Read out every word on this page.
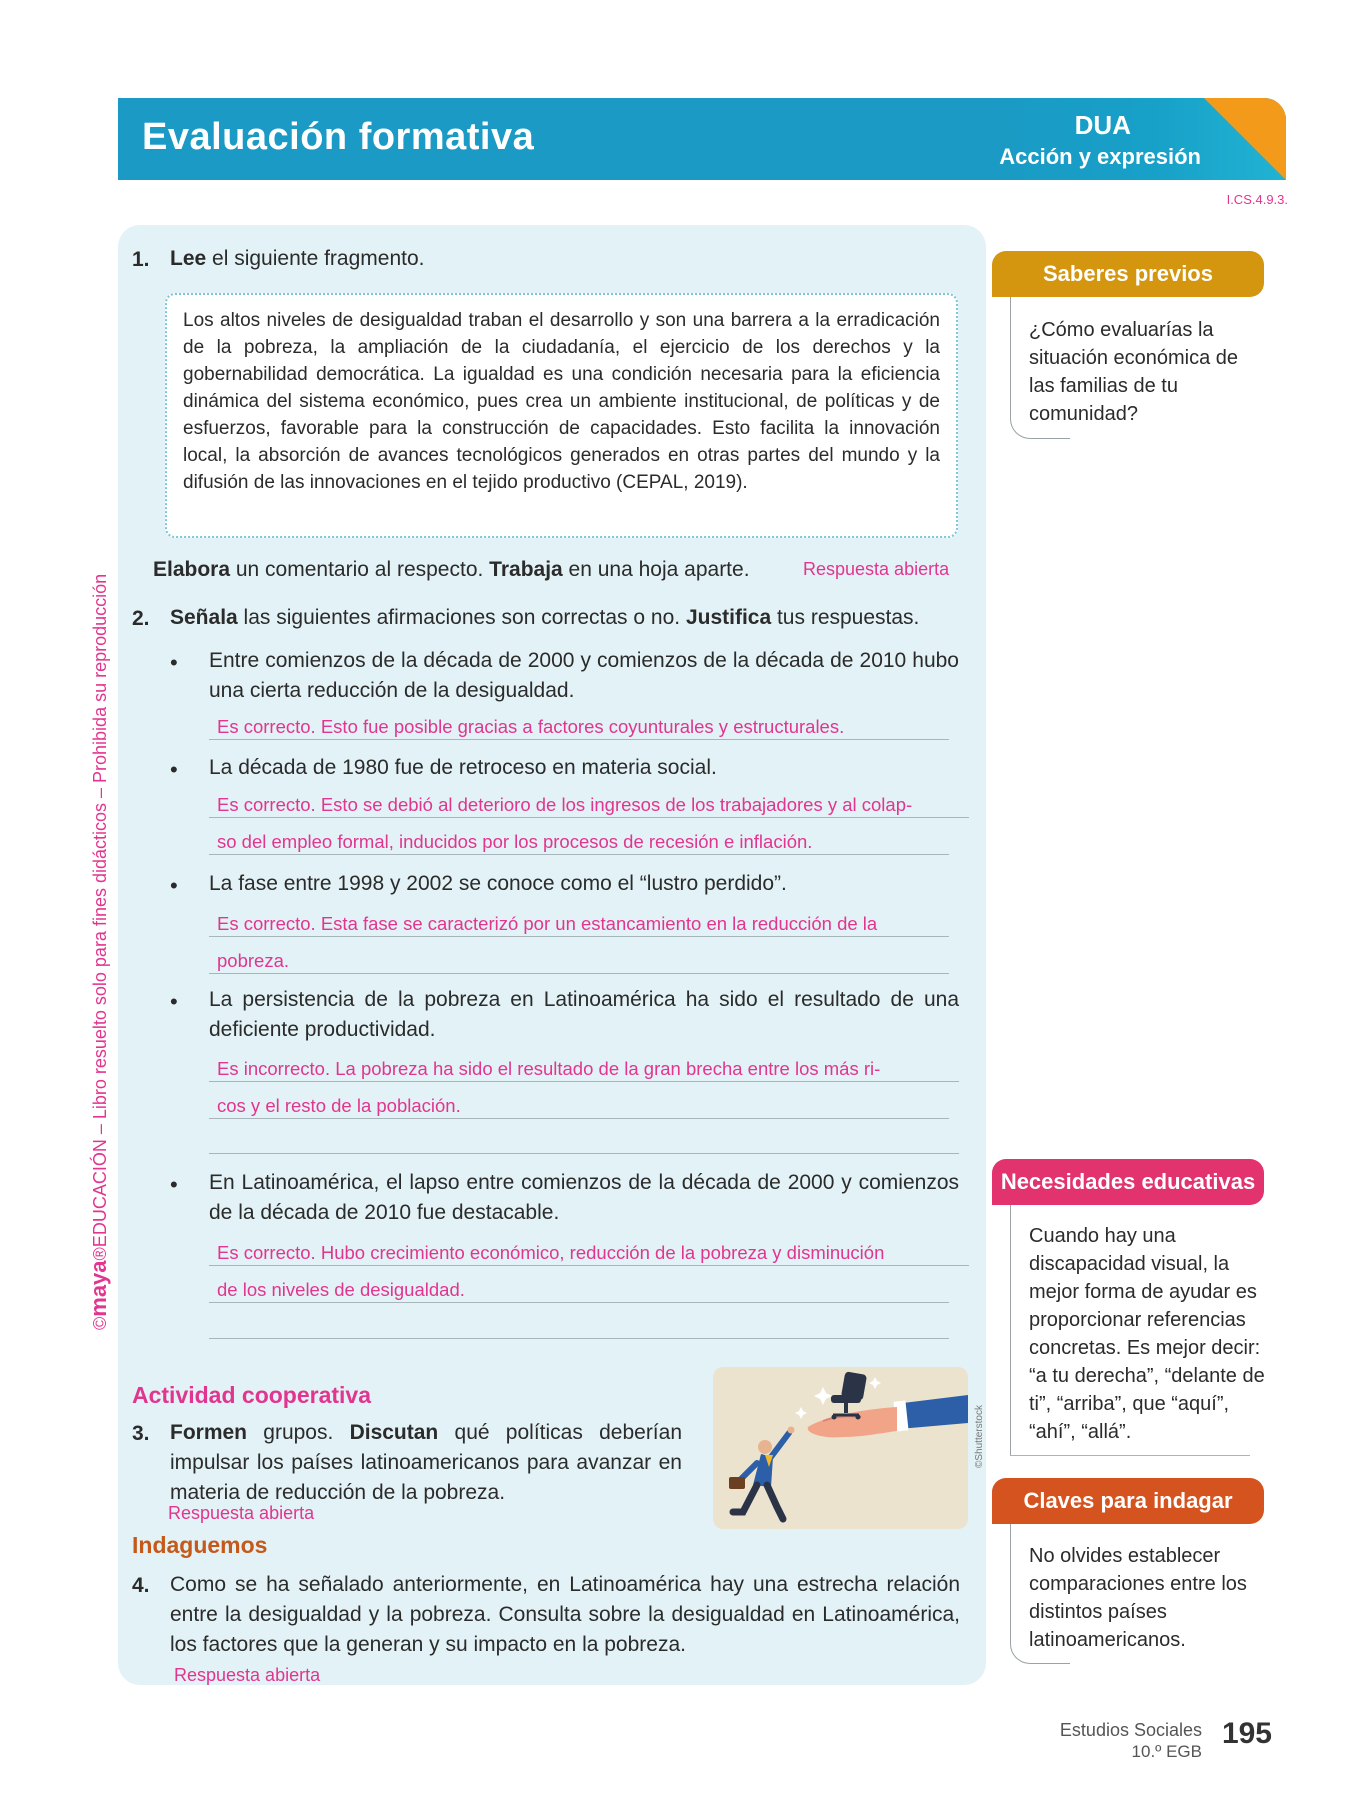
Evaluación formativa	DUA
Acción y expresión
I.CS.4.9.3.
©maya®EDUCACIÓN – Libro resuelto solo para fines didácticos – Prohibida su reproducción
1. Lee el siguiente fragmento.
Los altos niveles de desigualdad traban el desarrollo y son una barrera a la erradicación de la pobreza, la ampliación de la ciudadanía, el ejercicio de los derechos y la gobernabilidad democrática. La igualdad es una condición necesaria para la eficiencia dinámica del sistema económico, pues crea un ambiente institucional, de políticas y de esfuerzos, favorable para la construcción de capacidades. Esto facilita la innovación local, la absorción de avances tecnológicos generados en otras partes del mundo y la difusión de las innovaciones en el tejido productivo (CEPAL, 2019).
Elabora un comentario al respecto. Trabaja en una hoja aparte.	Respuesta abierta
2. Señala las siguientes afirmaciones son correctas o no. Justifica tus respuestas.
• Entre comienzos de la década de 2000 y comienzos de la década de 2010 hubo una cierta reducción de la desigualdad.
Es correcto. Esto fue posible gracias a factores coyunturales y estructurales.
• La década de 1980 fue de retroceso en materia social.
Es correcto. Esto se debió al deterioro de los ingresos de los trabajadores y al colap-
so del empleo formal, inducidos por los procesos de recesión e inflación.
• La fase entre 1998 y 2002 se conoce como el “lustro perdido”.
Es correcto. Esta fase se caracterizó por un estancamiento en la reducción de la
pobreza.
• La persistencia de la pobreza en Latinoamérica ha sido el resultado de una deficiente productividad.
Es incorrecto. La pobreza ha sido el resultado de la gran brecha entre los más ri-
cos y el resto de la población.
• En Latinoamérica, el lapso entre comienzos de la década de 2000 y comienzos de la década de 2010 fue destacable.
Es correcto. Hubo crecimiento económico, reducción de la pobreza y disminución
de los niveles de desigualdad.
Actividad cooperativa
3. Formen grupos. Discutan qué políticas deberían impulsar los países latinoamericanos para avanzar en materia de reducción de la pobreza.
Respuesta abierta
©Shutterstock
Indaguemos
4. Como se ha señalado anteriormente, en Latinoamérica hay una estrecha relación entre la desigualdad y la pobreza. Consulta sobre la desigualdad en Latinoamérica, los factores que la generan y su impacto en la pobreza.
Respuesta abierta
Saberes previos
¿Cómo evaluarías la situación económica de las familias de tu comunidad?
Necesidades educativas
Cuando hay una discapacidad visual, la mejor forma de ayudar es proporcionar referencias concretas. Es mejor decir: “a tu derecha”, “delante de ti”, “arriba”, que “aquí”, “ahí”, “allá”.
Claves para indagar
No olvides establecer comparaciones entre los distintos países latinoamericanos.
Estudios Sociales
10.º EGB
195
